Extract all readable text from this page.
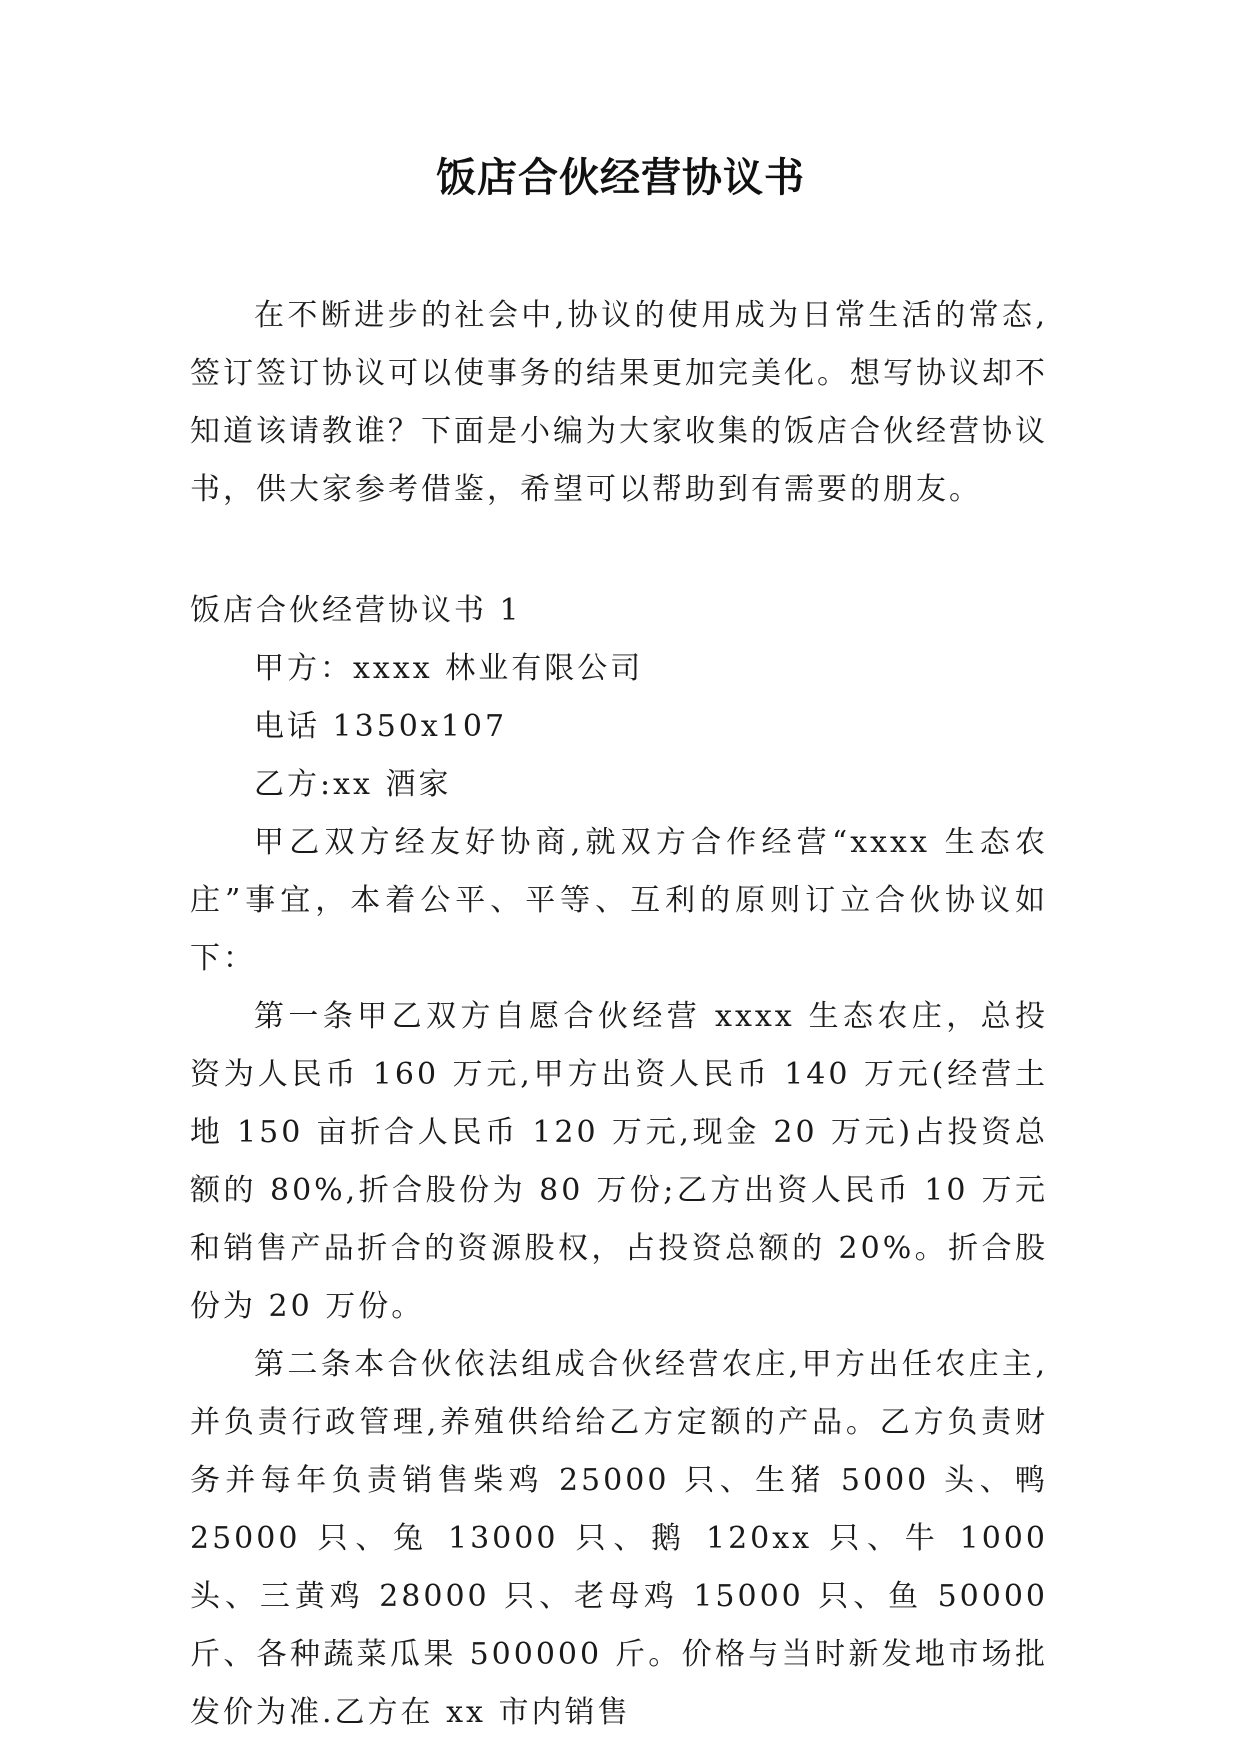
饭店合伙经营协议书

在不断进步的社会中,协议的使用成为日常生活的常态,签订签订协议可以使事务的结果更加完美化。想写协议却不知道该请教谁？下面是小编为大家收集的饭店合伙经营协议书，供大家参考借鉴，希望可以帮助到有需要的朋友。

饭店合伙经营协议书 1

甲方：xxxx 林业有限公司

电话 1350x107

乙方:xx 酒家

甲乙双方经友好协商,就双方合作经营“xxxx 生态农庄”事宜，本着公平、平等、互利的原则订立合伙协议如下：

第一条甲乙双方自愿合伙经营 xxxx 生态农庄，总投资为人民币 160 万元,甲方出资人民币 140 万元(经营土地 150 亩折合人民币 120 万元,现金 20 万元)占投资总额的 80%,折合股份为 80 万份;乙方出资人民币 10 万元和销售产品折合的资源股权，占投资总额的 20%。折合股份为 20 万份。

第二条本合伙依法组成合伙经营农庄,甲方出任农庄主,并负责行政管理,养殖供给给乙方定额的产品。乙方负责财务并每年负责销售柴鸡 25000 只、生猪 5000 头、鸭 25000 只、兔 13000 只、鹅 120xx 只、牛 1000 头、三黄鸡 28000 只、老母鸡 15000 只、鱼 50000 斤、各种蔬菜瓜果 500000 斤。价格与当时新发地市场批发价为准.乙方在 xx 市内销售
